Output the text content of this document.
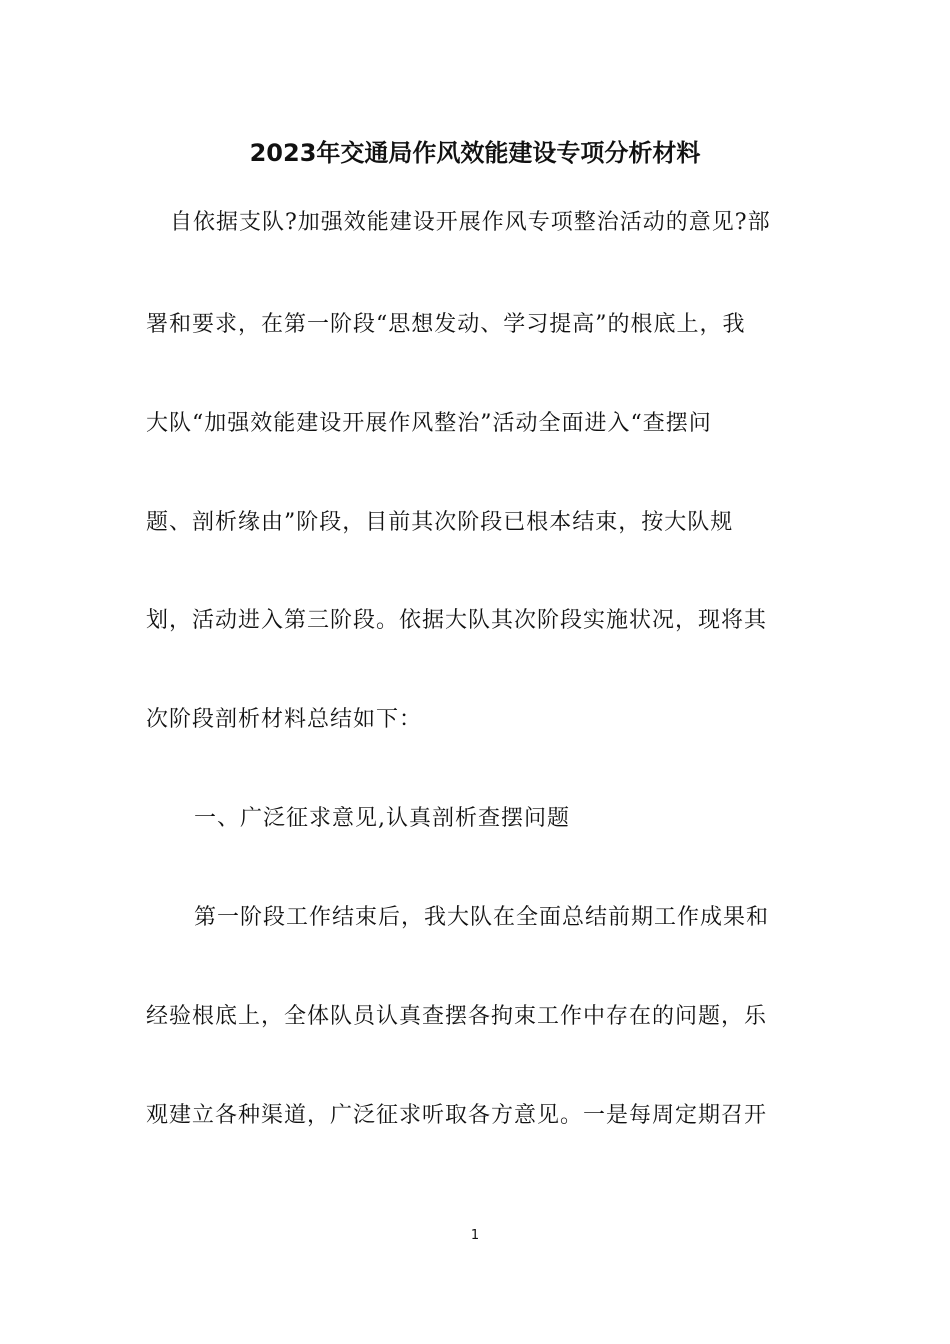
2023年交通局作风效能建设专项分析材料
自依据支队?加强效能建设开展作风专项整治活动的意见?部
署和要求，在第一阶段“思想发动、学习提高”的根底上，我
大队“加强效能建设开展作风整治”活动全面进入“查摆问
题、剖析缘由”阶段，目前其次阶段已根本结束，按大队规
划，活动进入第三阶段。依据大队其次阶段实施状况，现将其
次阶段剖析材料总结如下：
一、广泛征求意见,认真剖析查摆问题
第一阶段工作结束后，我大队在全面总结前期工作成果和
经验根底上，全体队员认真查摆各拘束工作中存在的问题，乐
观建立各种渠道，广泛征求听取各方意见。一是每周定期召开
1
